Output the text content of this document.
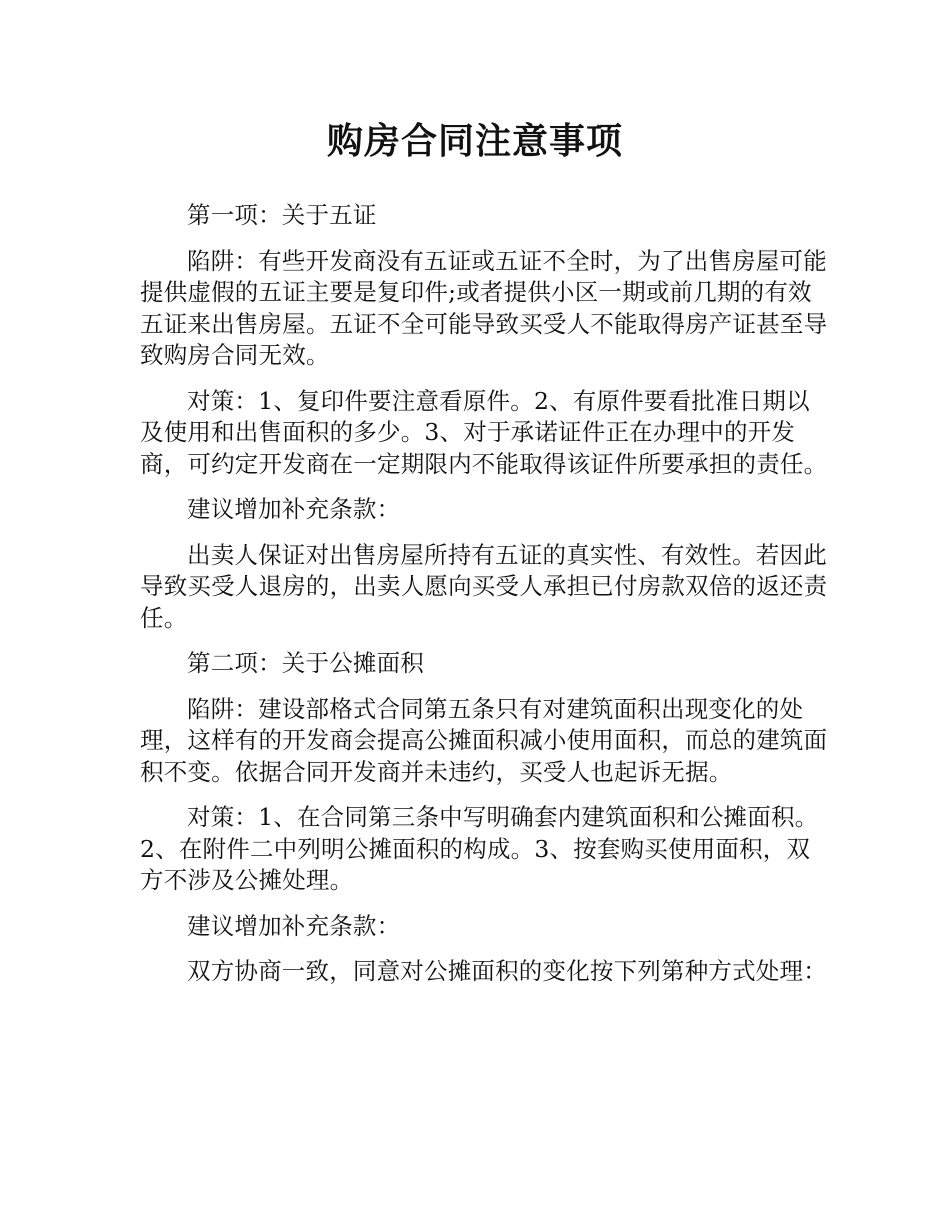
购房合同注意事项

第一项：关于五证

陷阱：有些开发商没有五证或五证不全时，为了出售房屋可能提供虚假的五证主要是复印件;或者提供小区一期或前几期的有效五证来出售房屋。五证不全可能导致买受人不能取得房产证甚至导致购房合同无效。

对策：1、复印件要注意看原件。2、有原件要看批准日期以及使用和出售面积的多少。3、对于承诺证件正在办理中的开发商，可约定开发商在一定期限内不能取得该证件所要承担的责任。

建议增加补充条款：

出卖人保证对出售房屋所持有五证的真实性、有效性。若因此导致买受人退房的，出卖人愿向买受人承担已付房款双倍的返还责任。

第二项：关于公摊面积

陷阱：建设部格式合同第五条只有对建筑面积出现变化的处理，这样有的开发商会提高公摊面积减小使用面积，而总的建筑面积不变。依据合同开发商并未违约，买受人也起诉无据。

对策：1、在合同第三条中写明确套内建筑面积和公摊面积。2、在附件二中列明公摊面积的构成。3、按套购买使用面积，双方不涉及公摊处理。

建议增加补充条款：

双方协商一致，同意对公摊面积的变化按下列第种方式处理：
